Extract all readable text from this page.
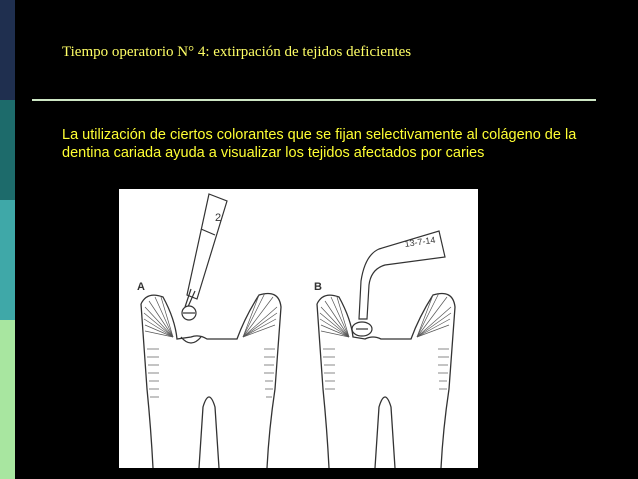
Tiempo operatorio N° 4: extirpación de tejidos deficientes
La utilización de ciertos colorantes que se fijan selectivamente al colágeno de la dentina cariada ayuda a visualizar los tejidos afectados por caries
2
A
13-7-14
B
